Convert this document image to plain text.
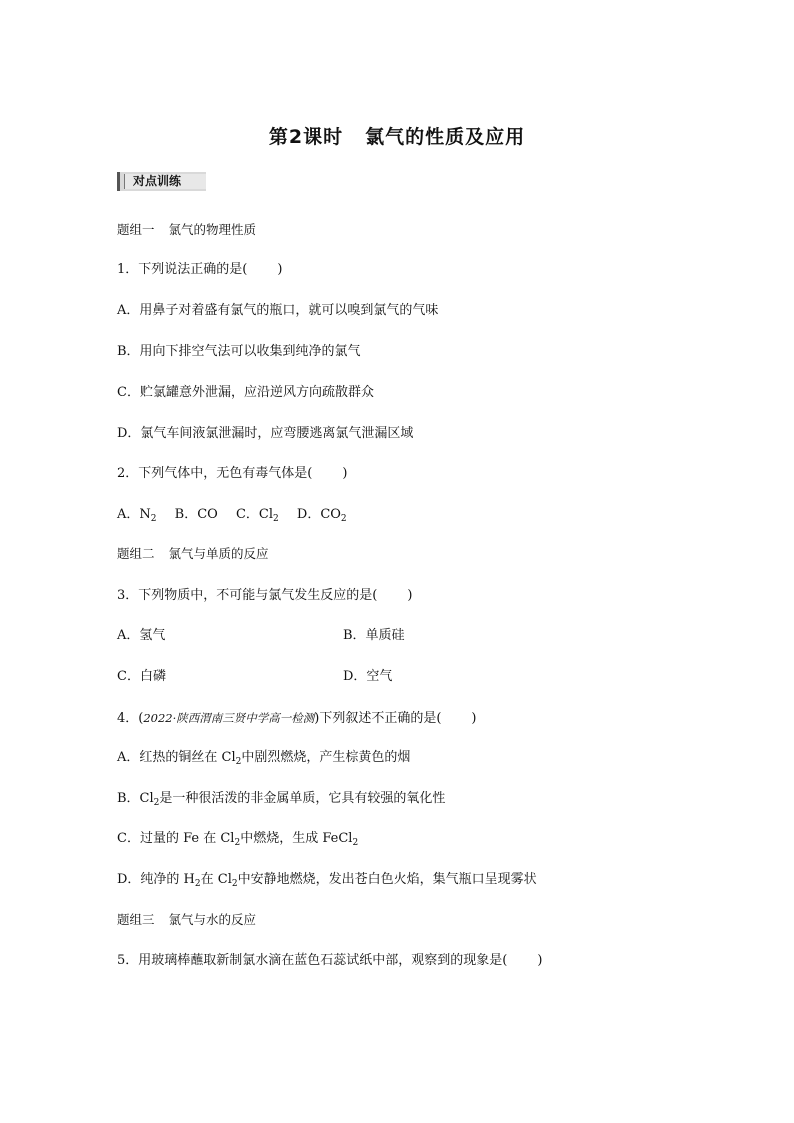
第2课时 氯气的性质及应用
对点训练
题组一 氯气的物理性质
1．下列说法正确的是( )
A．用鼻子对着盛有氯气的瓶口，就可以嗅到氯气的气味
B．用向下排空气法可以收集到纯净的氯气
C．贮氯罐意外泄漏，应沿逆风方向疏散群众
D．氯气车间液氯泄漏时，应弯腰逃离氯气泄漏区域
2．下列气体中，无色有毒气体是( )
A．$N_2$ B．CO C．$Cl_2$ D．$CO_2$
题组二 氯气与单质的反应
3．下列物质中，不可能与氯气发生反应的是( )
A．氢气	B．单质硅
C．白磷	D．空气
4．(2022·陕西渭南三贤中学高一检测)下列叙述不正确的是( )
A．红热的铜丝在 $Cl_2$中剧烈燃烧，产生棕黄色的烟
B．$Cl_2$是一种很活泼的非金属单质，它具有较强的氧化性
C．过量的 Fe 在 $Cl_2$中燃烧，生成 FeCl$_2$
D．纯净的 $H_2$在 $Cl_2$中安静地燃烧，发出苍白色火焰，集气瓶口呈现雾状
题组三 氯气与水的反应
5．用玻璃棒蘸取新制氯水滴在蓝色石蕊试纸中部，观察到的现象是( )
